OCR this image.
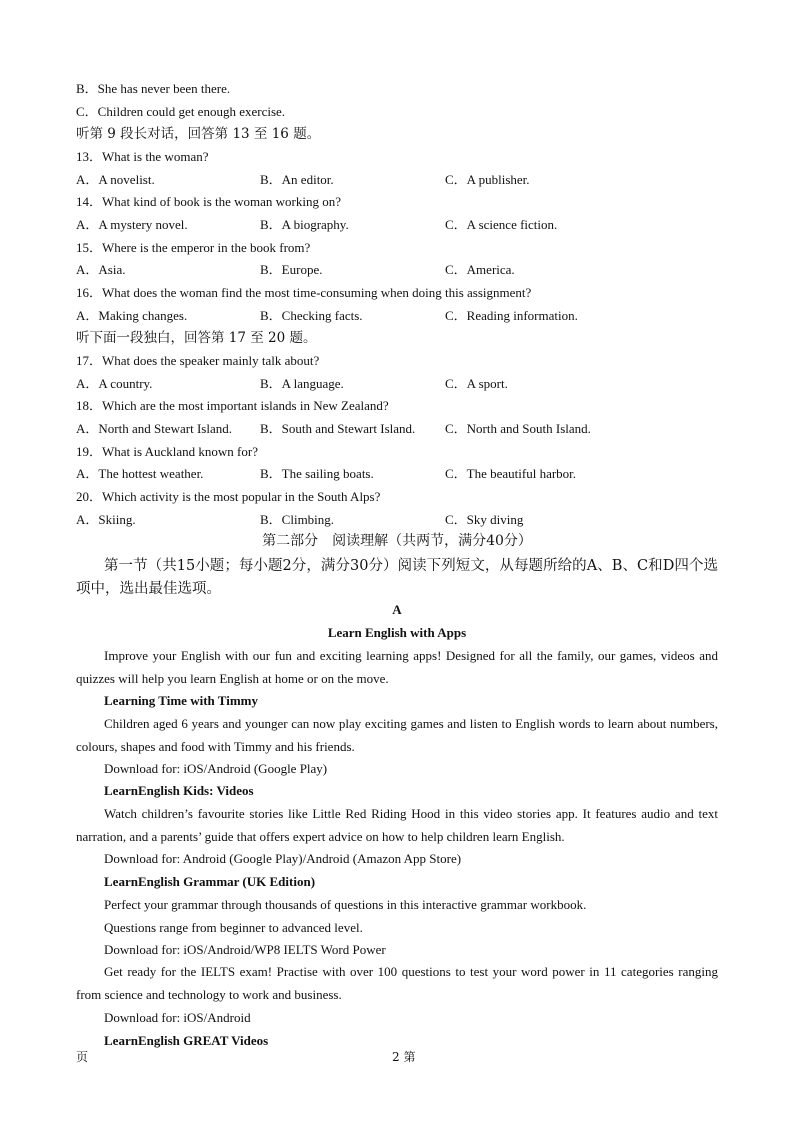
B．She has never been there.
C．Children could get enough exercise.
听第 9 段长对话，回答第 13 至 16 题。
13．What is the woman?
A．A novelist.	B．An editor.	C．A publisher.
14．What kind of book is the woman working on?
A．A mystery novel.	B．A biography.	C．A science fiction.
15．Where is the emperor in the book from?
A．Asia.	B．Europe.	C．America.
16．What does the woman find the most time-consuming when doing this assignment?
A．Making changes.	B．Checking facts.	C．Reading information.
听下面一段独白，回答第 17 至 20 题。
17．What does the speaker mainly talk about?
A．A country.	B．A language.	C．A sport.
18．Which are the most important islands in New Zealand?
A．North and Stewart Island. B．South and Stewart Island. C．North and South Island.
19．What is Auckland known for?
A．The hottest weather.	B．The sailing boats.	C．The beautiful harbor.
20．Which activity is the most popular in the South Alps?
A．Skiing.	B．Climbing.	C．Sky diving
第二部分　阅读理解（共两节，满分40分）
第一节（共15小题；每小题2分，满分30分）阅读下列短文，从每题所给的A、B、C和D四个选项中，选出最佳选项。
A
Learn English with Apps
Improve your English with our fun and exciting learning apps! Designed for all the family, our games, videos and quizzes will help you learn English at home or on the move.
Learning Time with Timmy
Children aged 6 years and younger can now play exciting games and listen to English words to learn about numbers, colours, shapes and food with Timmy and his friends.
Download for: iOS/Android (Google Play)
LearnEnglish Kids: Videos
Watch children’s favourite stories like Little Red Riding Hood in this video stories app. It features audio and text narration, and a parents’ guide that offers expert advice on how to help children learn English.
Download for: Android (Google Play)/Android (Amazon App Store)
LearnEnglish Grammar (UK Edition)
Perfect your grammar through thousands of questions in this interactive grammar workbook.
Questions range from beginner to advanced level.
Download for: iOS/Android/WP8 IELTS Word Power
Get ready for the IELTS exam! Practise with over 100 questions to test your word power in 11 categories ranging from science and technology to work and business.
Download for: iOS/Android
LearnEnglish GREAT Videos
页	2 第
